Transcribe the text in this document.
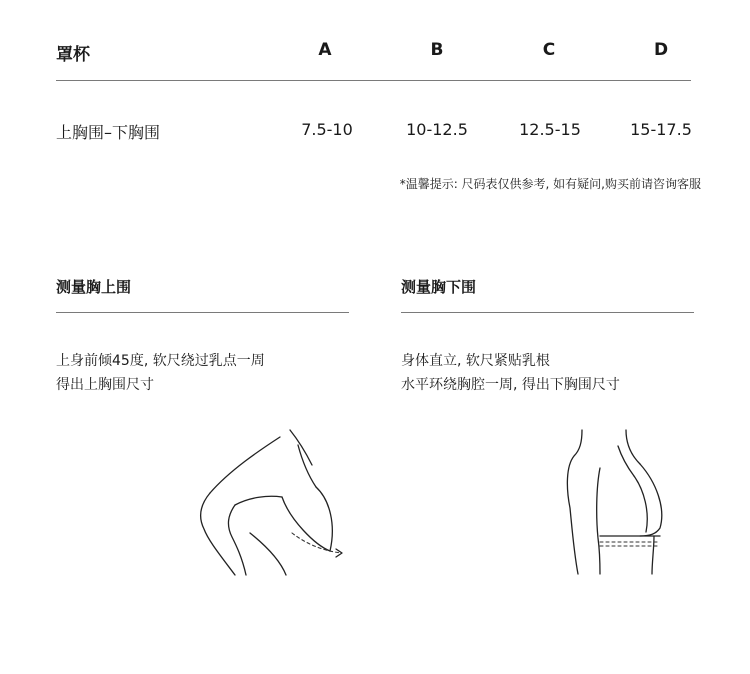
罩杯	A	B	C	D
上胸围–下胸围	7.5-10	10-12.5	12.5-15	15-17.5
*温馨提示: 尺码表仅供参考, 如有疑问,购买前请咨询客服
测量胸上围
上身前倾45度, 软尺绕过乳点一周
得出上胸围尺寸
测量胸下围
身体直立, 软尺紧贴乳根
水平环绕胸腔一周, 得出下胸围尺寸
